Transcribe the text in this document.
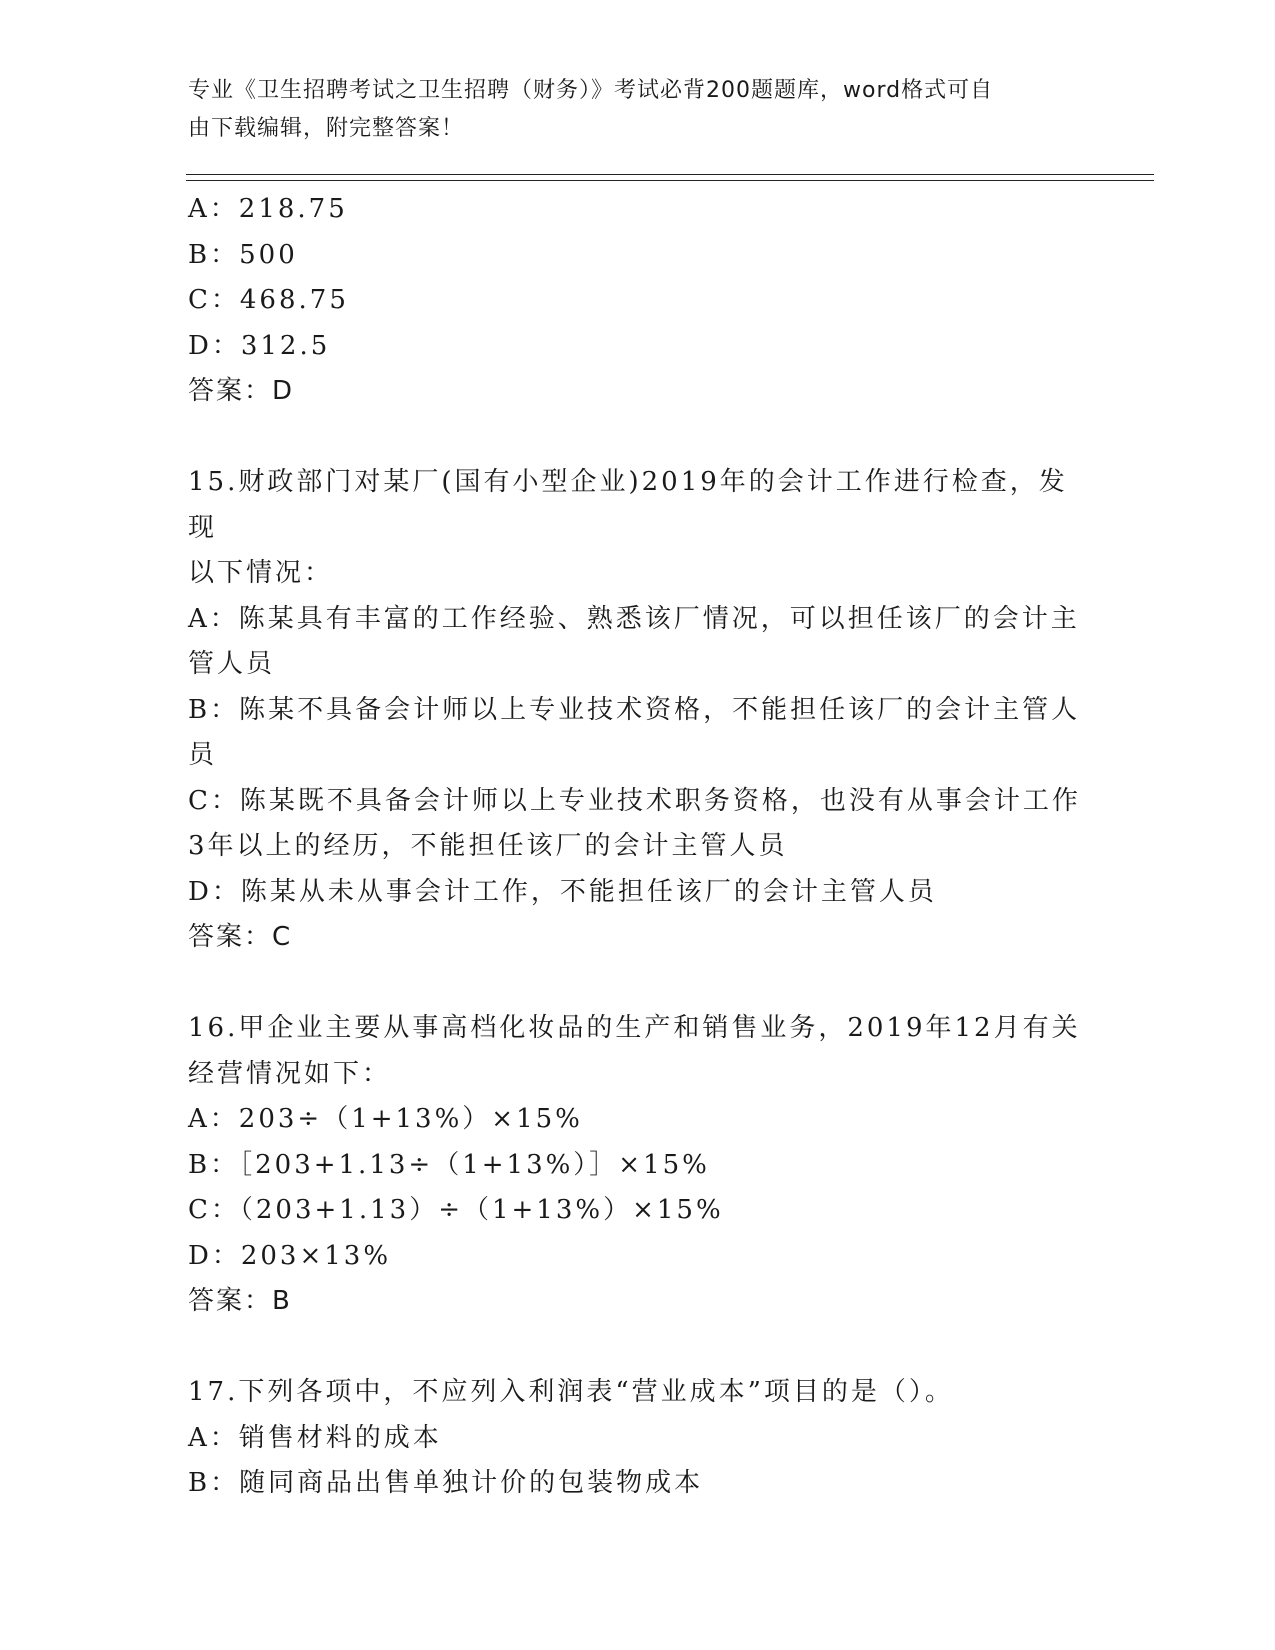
专业《卫生招聘考试之卫生招聘（财务）》考试必背200题题库，word格式可自
由下载编辑，附完整答案！
A：218.75
B：500
C：468.75
D：312.5
答案：D
15.财政部门对某厂(国有小型企业)2019年的会计工作进行检查，发现
以下情况：
A：陈某具有丰富的工作经验、熟悉该厂情况，可以担任该厂的会计主
管人员
B：陈某不具备会计师以上专业技术资格，不能担任该厂的会计主管人
员
C：陈某既不具备会计师以上专业技术职务资格，也没有从事会计工作
3年以上的经历，不能担任该厂的会计主管人员
D：陈某从未从事会计工作，不能担任该厂的会计主管人员
答案：C
16.甲企业主要从事高档化妆品的生产和销售业务，2019年12月有关
经营情况如下：
A：203÷（1+13%）×15%
B：［203+1.13÷（1+13%）］×15%
C：（203+1.13）÷（1+13%）×15%
D：203×13%
答案：B
17.下列各项中，不应列入利润表“营业成本”项目的是（）。
A：销售材料的成本
B：随同商品出售单独计价的包装物成本
